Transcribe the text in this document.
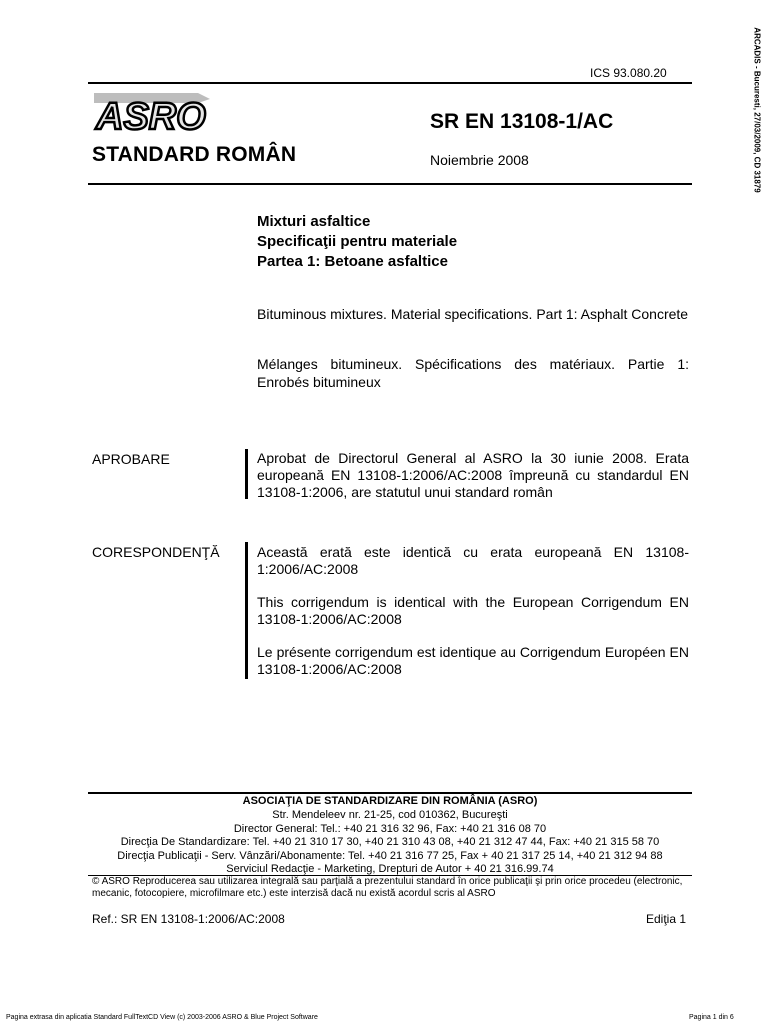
ICS 93.080.20
ASRO	SR EN 13108-1/AC
STANDARD ROMÂN	Noiembrie 2008
Mixturi asfaltice
Specificaţii pentru materiale
Partea 1: Betoane asfaltice
Bituminous mixtures. Material specifications. Part 1: Asphalt Concrete
Mélanges bitumineux. Spécifications des matériaux. Partie 1: Enrobés bitumineux
APROBARE	Aprobat de Directorul General al ASRO la 30 iunie 2008. Erata europeană EN 13108-1:2006/AC:2008 împreună cu standardul EN 13108-1:2006, are statutul unui standard român
CORESPONDENŢĂ	Această erată este identică cu erata europeană EN 13108-1:2006/AC:2008
This corrigendum is identical with the European Corrigendum EN 13108-1:2006/AC:2008
Le présente corrigendum est identique au Corrigendum Européen EN 13108-1:2006/AC:2008
ASOCIAŢIA DE STANDARDIZARE DIN ROMÂNIA (ASRO)
Str. Mendeleev nr. 21-25, cod 010362, Bucureşti
Director General: Tel.: +40 21 316 32 96, Fax: +40 21 316 08 70
Direcţia De Standardizare: Tel. +40 21 310 17 30, +40 21 310 43 08, +40 21 312 47 44, Fax: +40 21 315 58 70
Direcţia Publicaţii - Serv. Vânzări/Abonamente: Tel. +40 21 316 77 25, Fax + 40 21 317 25 14, +40 21 312 94 88
Serviciul Redacţie - Marketing, Drepturi de Autor + 40 21 316.99.74
© ASRO Reproducerea sau utilizarea integrală sau parţială a prezentului standard în orice publicaţii şi prin orice procedeu (electronic, mecanic, fotocopiere, microfilmare etc.) este interzisă dacă nu există acordul scris al ASRO
Ref.: SR EN 13108-1:2006/AC:2008	Ediţia 1
Pagina extrasa din aplicatia Standard FullTextCD View (c) 2003-2006 ASRO & Blue Project Software	Pagina 1 din 6
ARCADIS - Bucuresti, 27/03/2009, CD 31879
